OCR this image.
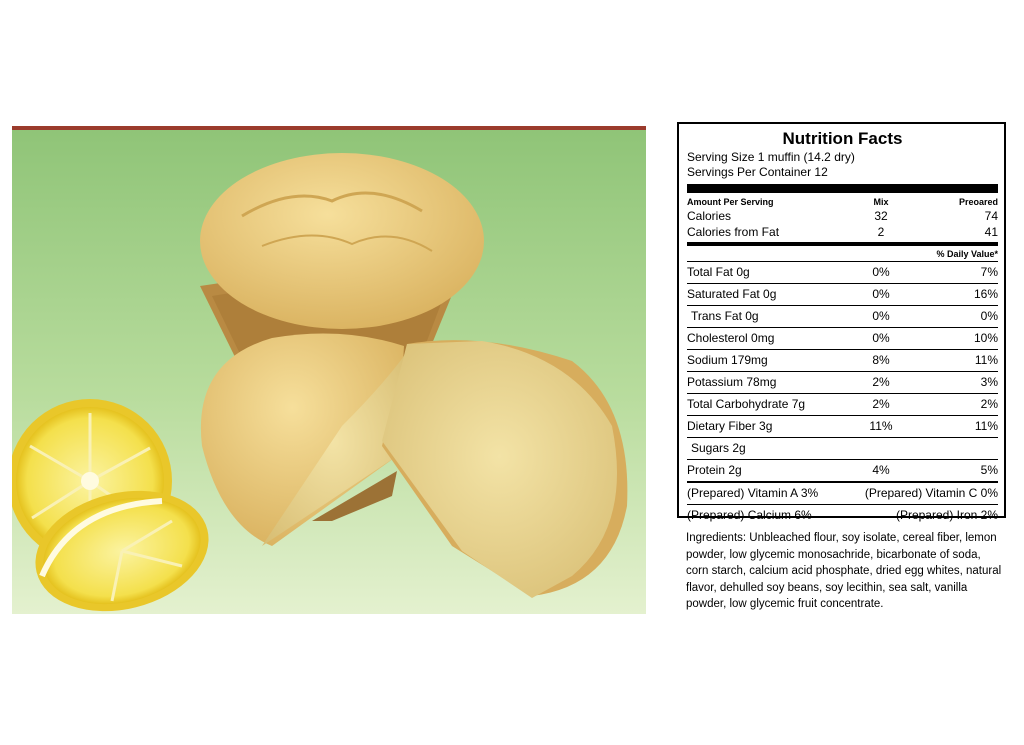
Nutrition Facts
Serving Size 1 muffin (14.2 dry)
Servings Per Container 12
Amount Per Serving	Mix	Preoared
Calories	32	74
Calories from Fat	2	41
% Daily Value*
Total Fat 0g	0%	7%
Saturated Fat 0g	0%	16%
Trans Fat 0g	0%	0%
Cholesterol 0mg	0%	10%
Sodium 179mg	8%	11%
Potassium 78mg	2%	3%
Total Carbohydrate 7g	2%	2%
Dietary Fiber 3g	11%	11%
Sugars 2g
Protein 2g	4%	5%
(Prepared) Vitamin A 3%	(Prepared) Vitamin C 0%
(Prepared) Calcium 6%	(Prepared) Iron 2%
Ingredients: Unbleached flour, soy isolate, cereal fiber, lemon powder, low glycemic monosachride, bicarbonate of soda, corn starch, calcium acid phosphate, dried egg whites, natural flavor, dehulled soy beans, soy lecithin, sea salt, vanilla powder, low glycemic fruit concentrate.
